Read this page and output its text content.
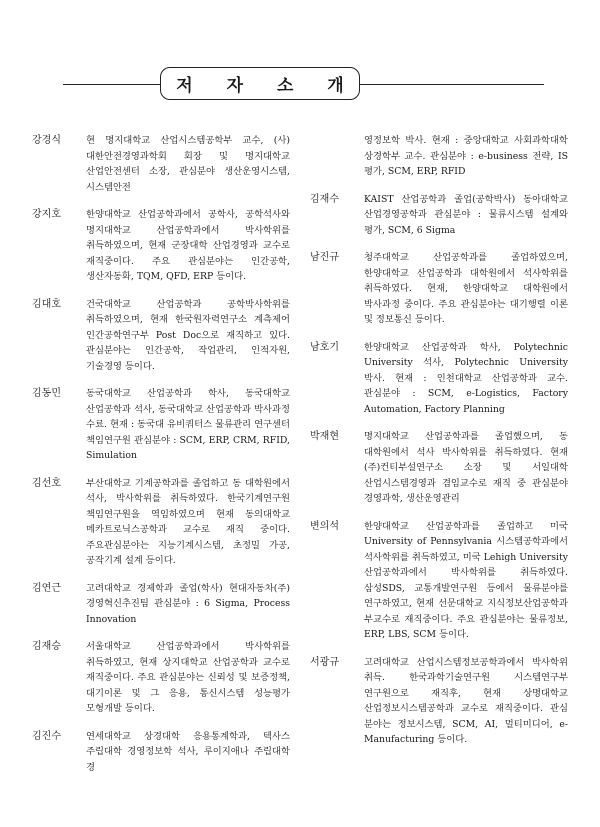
저 자 소 개
강경식	현 명지대학교 산업시스템공학부 교수, (사)대한안전경영과학회 회장 및 명지대학교 산업안전센터 소장, 관심분야 생산운영시스템, 시스템안전
강지호	한양대학교 산업공학과에서 공학사, 공학석사와 명지대학교 산업공학과에서 박사학위를 취득하였으며, 현재 군장대학 산업경영과 교수로 재직중이다. 주요 관심분야는 인간공학, 생산자동화, TQM, QFD, ERP 등이다.
김대호	건국대학교 산업공학과 공학박사학위를 취득하였으며, 현재 한국원자력연구소 계측제어 인간공학연구부 Post Doc으로 재직하고 있다. 관심분야는 인간공학, 작업관리, 인적자원, 기술경영 등이다.
김동민	동국대학교 산업공학과 학사, 동국대학교 산업공학과 석사, 동국대학교 산업공학과 박사과정 수료. 현재 : 동국대 유비쿼터스 물류관리 연구센터 책임연구원 관심분야 : SCM, ERP, CRM, RFID, Simulation
김선호	부산대학교 기계공학과를 졸업하고 동 대학원에서 석사, 박사학위를 취득하였다. 한국기계연구원 책임연구원을 역임하였으며 현재 동의대학교 메카트로닉스공학과 교수로 재직 중이다. 주요관심분야는 지능기계시스템, 초정밀 가공, 공작기계 설계 등이다.
김연근	고려대학교 경제학과 졸업(학사) 현대자동차(주) 경영혁신추진팀 관심분야 : 6 Sigma, Process Innovation
김재승	서울대학교 산업공학과에서 박사학위를 취득하였고, 현재 상지대학교 산업공학과 교수로 재직중이다. 주요 관심분야는 신뢰성 및 보증정책, 대기이론 및 그 응용, 통신시스템 성능평가 모형개발 등이다.
김진수	연세대학교 상경대학 응용통계학과, 텍사스 주립대학 경영정보학 석사, 루이지애나 주립대학 경
영정보학 박사. 현재 : 중앙대학교 사회과학대학 상경학부 교수. 관심분야 : e-business 전략, IS 평가, SCM, ERP, RFID
김재수	KAIST 산업공학과 졸업(공학박사) 동아대학교 산업경영공학과 관심분야 : 물류시스템 설계와 평가, SCM, 6 Sigma
남진규	청주대학교 산업공학과를 졸업하였으며, 한양대학교 산업공학과 대학원에서 석사학위를 취득하였다. 현재, 한양대학교 대학원에서 박사과정 중이다. 주요 관심분야는 대기행렬 이론 및 정보통신 등이다.
남호기	한양대학교 산업공학과 학사, Polytechnic University 석사, Polytechnic University 박사. 현재 : 인천대학교 산업공학과 교수. 관심분야 : SCM, e-Logistics, Factory Automation, Factory Planning
박재현	명지대학교 산업공학과를 졸업했으며, 동 대학원에서 석사 박사학위를 취득하였다. 현재 (주)컨티부설연구소 소장 및 서일대학 산업시스템경영과 겸임교수로 재직 중 관심분야 경영과학, 생산운영관리
변의석	한양대학교 산업공학과를 졸업하고 미국 University of Pennsylvania 시스템공학과에서 석사학위를 취득하였고, 미국 Lehigh University 산업공학과에서 박사학위를 취득하였다. 삼성SDS, 교통개발연구원 등에서 물류분야를 연구하였고, 현재 선문대학교 지식정보산업공학과 부교수로 재직중이다. 주요 관심분야는 물류정보, ERP, LBS, SCM 등이다.
서광규	고려대학교 산업시스템정보공학과에서 박사학위 취득. 한국과학기술연구원 시스템연구부 연구원으로 재직후, 현재 상명대학교 산업정보시스템공학과 교수로 재직중이다. 관심 분야는 정보시스템, SCM, AI, 멀티미디어, e-Manufacturing 등이다.
